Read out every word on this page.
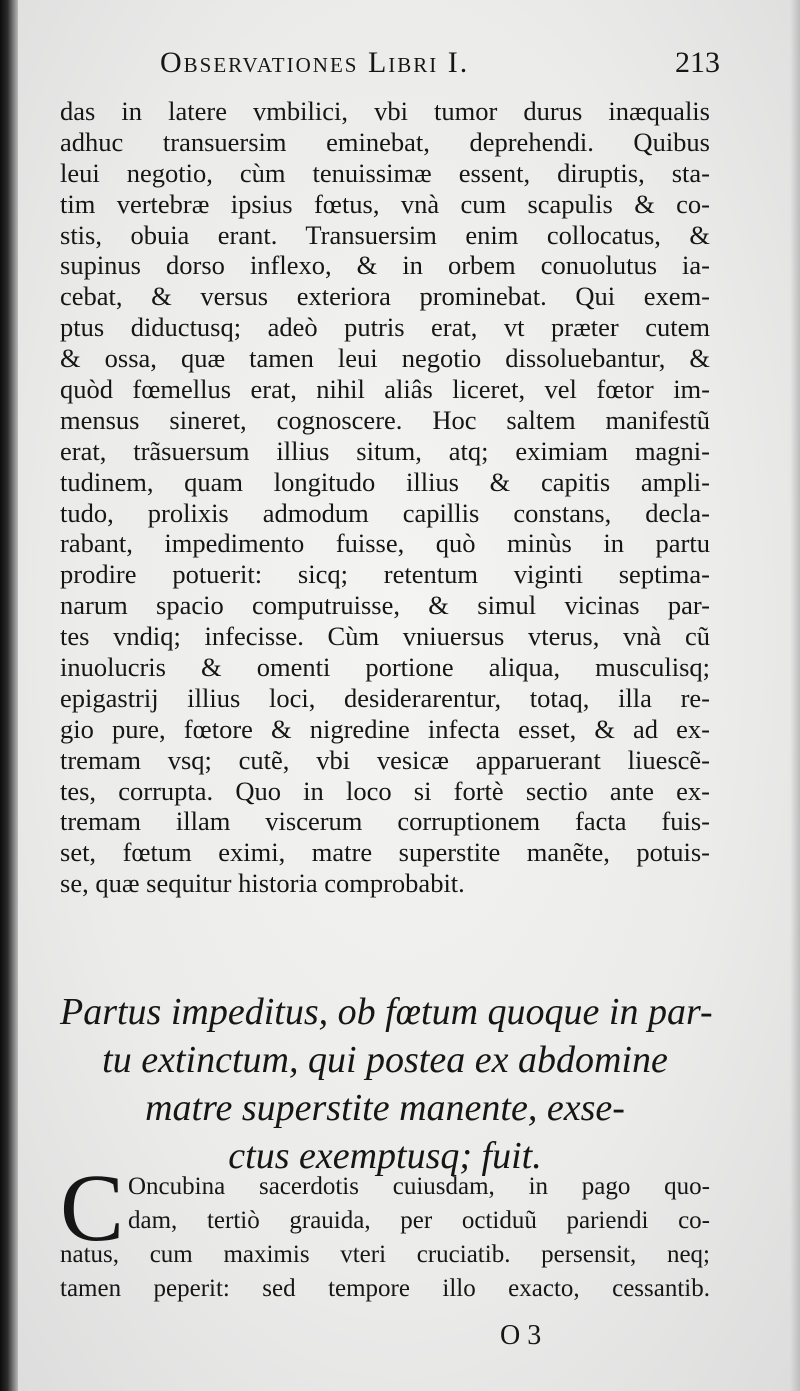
Observationes Libri I.	213
das in latere vmbilici, vbi tumor durus inæqualis
adhuc transuersim eminebat, deprehendi. Quibus
leui negotio, cùm tenuissimæ essent, diruptis, sta-
tim vertebræ ipsius fœtus, vnà cum scapulis & co-
stis, obuia erant. Transuersim enim collocatus, &
supinus dorso inflexo, & in orbem conuolutus ia-
cebat, & versus exteriora prominebat. Qui exem-
ptus diductusq; adeò putris erat, vt præter cutem
& ossa, quæ tamen leui negotio dissoluebantur, &
quòd fœmellus erat, nihil aliâs liceret, vel fœtor im-
mensus sineret, cognoscere. Hoc saltem manifestũ
erat, trãsuersum illius situm, atq; eximiam magni-
tudinem, quam longitudo illius & capitis ampli-
tudo, prolixis admodum capillis constans, decla-
rabant, impedimento fuisse, quò minùs in partu
prodire potuerit: sicq; retentum viginti septima-
narum spacio computruisse, & simul vicinas par-
tes vndiq; infecisse. Cùm vniuersus vterus, vnà cũ
inuolucris & omenti portione aliqua, musculisq;
epigastrij illius loci, desiderarentur, totaq, illa re-
gio pure, fœtore & nigredine infecta esset, & ad ex-
tremam vsq; cutẽ, vbi vesicæ apparuerant liuescẽ-
tes, corrupta. Quo in loco si fortè sectio ante ex-
tremam illam viscerum corruptionem facta fuis-
set, fœtum eximi, matre superstite manẽte, potuis-
se, quæ sequitur historia comprobabit.
Partus impeditus, ob fœtum quoque in par-
tu extinctum, qui postea ex abdomine
matre superstite manente, exse-
ctus exemptusq; fuit.
C Oncubina sacerdotis cuiusdam, in pago quo-
dam, tertiò grauida, per octiduũ pariendi co-
natus, cum maximis vteri cruciatib. persensit, neq;
tamen peperit: sed tempore illo exacto, cessantib.
O 3
